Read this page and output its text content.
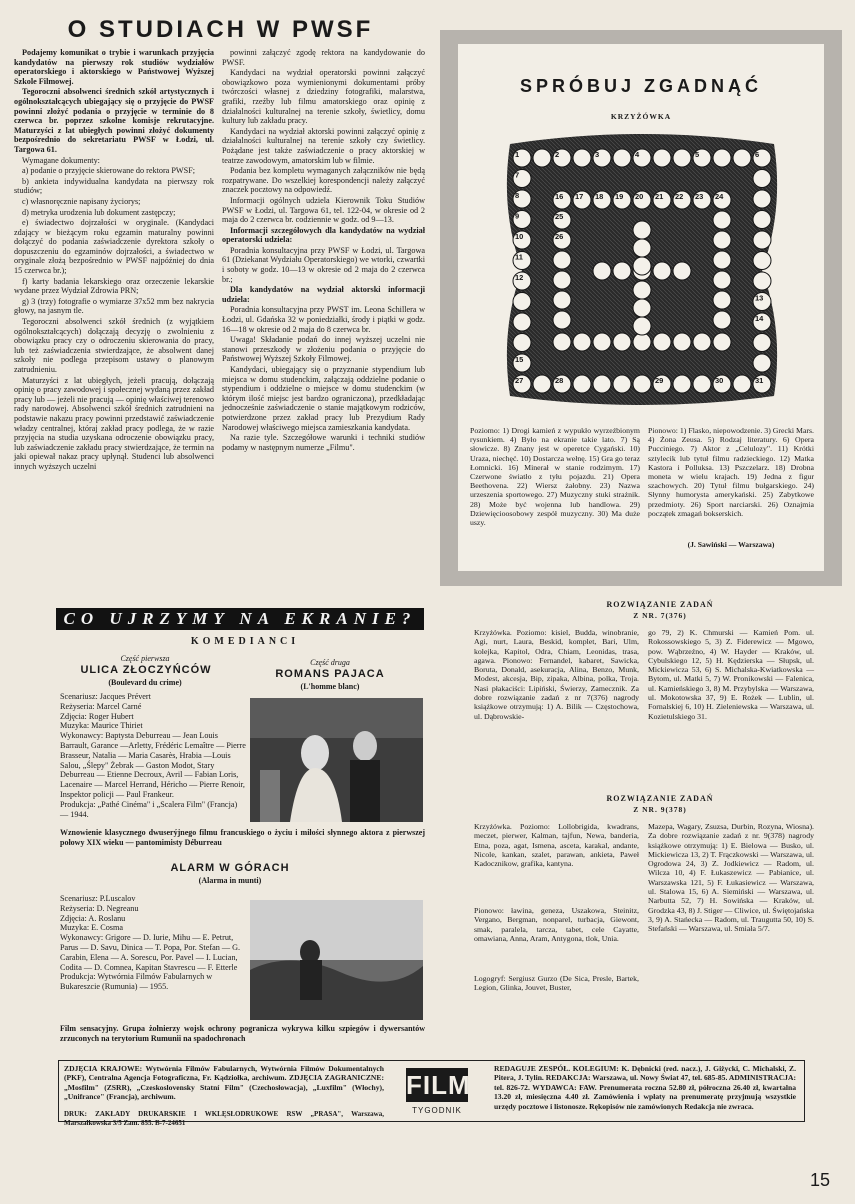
O STUDIACH W PWSF

Podajemy komunikat o trybie i warunkach przyjęcia kandydatów na pierwszy rok studiów wydziałów operatorskiego i aktorskiego w Państwowej Wyższej Szkole Filmowej.

Tegoroczni absolwenci średnich szkół artystycznych i ogólnokształcących ubiegający się o przyjęcie do PWSF powinni złożyć podania o przyjęcie w terminie do 8 czerwca br. poprzez szkolne komisje rekrutacyjne. Maturzyści z lat ubiegłych powinni złożyć dokumenty bezpośrednio do sekretariatu PWSF w Łodzi, ul. Targowa 61.

Wymagane dokumenty:

a) podanie o przyjęcie skierowane do rektora PWSF;

b) ankieta indywidualna kandydata na pierwszy rok studiów;

c) własnoręcznie napisany życiorys;

d) metryka urodzenia lub dokument zastępczy;

e) świadectwo dojrzałości w oryginale. (Kandydaci zdający w bieżącym roku egzamin maturalny powinni dołączyć do podania zaświadczenie dyrektora szkoły o dopuszczeniu do egzaminów dojrzałości, a świadectwo w oryginale złożą bezpośrednio w PWSF najpóźniej do dnia 15 czerwca br.);

f) karty badania lekarskiego oraz orzeczenie lekarskie wydane przez Wydział Zdrowia PRN;

g) 3 (trzy) fotografie o wymiarze 37x52 mm bez nakrycia głowy, na jasnym tle.

Tegoroczni absolwenci szkół średnich (z wyjątkiem ogólnokształcących) dołączają decyzję o zwolnieniu z obowiązku pracy czy o odroczeniu skierowania do pracy, lub też zaświadczenia stwierdzające, że absolwent danej szkoły nie podlega przepisom ustawy o planowym zatrudnieniu.

Maturzyści z lat ubiegłych, jeżeli pracują, dołączają opinię o pracy zawodowej i społecznej wydaną przez zakład pracy lub — jeżeli nie pracują — opinię właściwej terenowo rady narodowej. Absolwenci szkół średnich zatrudnieni na podstawie nakazu pracy powinni przedstawić zaświadczenie władzy centralnej, któraj zakład pracy podlega, że w razie przyjęcia na studia uzyskana odroczenie obowiązku pracy, lub zaświadczenie zakładu pracy stwierdzające, że termin na jaki opiewał nakaz pracy upłynął. Studenci lub absolwenci innych wyższych uczelni

powinni załączyć zgodę rektora na kandydowanie do PWSF.

Kandydaci na wydział operatorski powinni załączyć obowiązkowo poza wymienionymi dokumentami próby twórczości własnej z dziedziny fotografiki, malarstwa, grafiki, rzeźby lub filmu amatorskiego oraz opinię z działalności kulturalnej na terenie szkoły, świetlicy, domu kultury lub zakładu pracy.

Kandydaci na wydział aktorski powinni załączyć opinię z działalności kulturalnej na terenie szkoły czy świetlicy. Pożądane jest także zaświadczenie o pracy aktorskiej w teatrze zawodowym, amatorskim lub w filmie.

Podania bez kompletu wymaganych załączników nie będą rozpatrywane. Do wszelkiej korespondencji należy załączyć znaczek pocztowy na odpowiedź.

Informacji ogólnych udziela Kierownik Toku Studiów PWSF w Łodzi, ul. Targowa 61, tel. 122-04, w okresie od 2 maja do 2 czerwca br. codziennie w godz. od 9—13.

Informacji szczegółowych dla kandydatów na wydział operatorski udziela:

Poradnia konsultacyjna przy PWSF w Łodzi, ul. Targowa 61 (Dziekanat Wydziału Operatorskiego) we wtorki, czwartki i soboty w godz. 10—13 w okresie od 2 maja do 2 czerwca br.;

Dla kandydatów na wydział aktorski informacji udziela:

Poradnia konsultacyjna przy PWST im. Leona Schillera w Łodzi, ul. Gdańska 32 w poniedziałki, środy i piątki w godz. 16—18 w okresie od 2 maja do 8 czerwca br.

Uwaga! Składanie podań do innej wyższej uczelni nie stanowi przeszkody w złożeniu podania o przyjęcie do Państwowej Wyższej Szkoły Filmowej.

Kandydaci, ubiegający się o przyznanie stypendium lub miejsca w domu studenckim, załączają oddzielne podanie o stypendium i oddzielne o miejsce w domu studenckim (w którym ilość miejsc jest bardzo ograniczona), przedkładając jednocześnie zaświadczenie o stanie majątkowym rodziców, potwierdzone przez zakład pracy lub Prezydium Rady Narodowej właściwego miejsca zamieszkania kandydata.

Na razie tyle. Szczegółowe warunki i techniki studiów podamy w następnym numerze „Filmu".

CO UJRZYMY NA EKRANIE?
KOMEDIANCI
Część pierwsza
ULICA ZŁOCZYŃCÓW
(Boulevard du crime)
Część druga
ROMANS PAJACA
(L'homme blanc)
Scenariusz: Jacques Prévert
Reżyseria: Marcel Carné
Zdjęcia: Roger Hubert
Muzyka: Maurice Thiriet
Wykonawcy: Baptysta Deburreau — Jean Louis Barrault, Garance —Arletty, Frédéric Lemaître — Pierre Brasseur, Natalia — Maria Casarès, Hrabia —Louis Salou, „Ślepy" Żebrak — Gaston Modot, Stary Deburreau — Etienne Decroux, Avril — Fabian Loris, Lacenaire — Marcel Herrand, Héricho — Pierre Renoir, Inspektor policji — Paul Frankeur.
Produkcja: „Pathé Cinéma" i „Scalera Film" (Francja) — 1944.
Wznowienie klasycznego dwuserýjnego filmu francuskiego o życiu i miłości słynnego aktora z pierwszej połowy XIX wieku — pantomimisty Déburreau
ALARM W GÓRACH
(Alarma in munti)
Scenariusz: P.Luscalov
Reżyseria: D. Negreanu
Zdjęcia: A. Roslanu
Muzyka: E. Cosma
Wykonawcy: Grigore — D. Iurie, Mihu — E. Petrut, Parus — D. Savu, Dinica — T. Popa, Por. Stefan — G. Carabin, Elena — A. Sorescu, Por. Pavel — I. Lucian, Codita — D. Comnea, Kapitan Stavrescu — F. Etterle
Produkcja: Wytwórnia Filmów Fabularnych w Bukareszcie (Rumunia) — 1955.
Film sensacyjny. Grupa żołnierzy wojsk ochrony pogranicza wykrywa kilku szpiegów i dywersantów zrzuconych na terytorium Rumunii na spadochronach
SPRÓBUJ ZGADNĄĆ
KRZYŻÓWKA
1	2	3	4	5	6
7
8
9
10
11
12
13
14
15
16 17 18 19 20 21 22 23 24
25
26
27	28	29	30	31
Poziomo: 1) Drogi kamień z wypukło wyrzeźbionym rysunkiem. 4) Było na ekranie takie lato. 7) Są słowicze. 8) Znany jest w operetce Cygański. 10) Uraza, niechęć. 10) Dostarcza wełnę. 15) Gra go teraz Łomnicki. 16) Minerał w stanie rodzimym. 17) Czerwone światło z tyłu pojazdu. 21) Opera Beethovena. 22) Wiersz żałobny. 23) Nazwa urzeszenia sportowego. 27) Muzyczny stuki strażnik. 28) Może być wojenna lub handlowa. 29) Dziewięcioosobowy zespół muzyczny. 30) Ma duże uszy.
Pionowo: 1) Flasko, niepowodzenie. 3) Grecki Mars. 4) Żona Zeusa. 5) Rodzaj literatury. 6) Opera Pucciniego. 7) Aktor z „Celulozy". 11) Krótki sztylecik lub tytuł filmu radzieckiego. 12) Matka Kastora i Polluksa. 13) Pszczelarz. 18) Drobna moneta w wielu krajach. 19) Jedna z figur szachowych. 20) Tytuł filmu bułgarskiego. 24) Słynny humorysta amerykański. 25) Zabytkowe przedmioty. 26) Sport narciarski. 26) Oznajmia początek zmagań bokserskich.
(J. Sawiński — Warszawa)
ROZWIĄZANIE ZADAŃ
Z NR. 7(376)
Krzyżówka. Poziomo: kisiel, Budda, winobranie, Agi, nurt, Laura, Beskid, komplet, Bari, Ulm, kolejka, Kapitol, Odra, Chiam, Leonidas, trasa, agawa. Pionowo: Fernandel, kabaret, Sawicka, Boruta, Donald, asekuracja, Alina, Benzo, Munk, Modest, akcesja, Bip, zipaka, Albina, polka, Troja. Nasi płakaciści: Lipiński, Świerzy, Zamecznik. Za dobre rozwiązanie zadań z nr 7(376) nagrody książkowe otrzymują: 1) A. Bilik — Częstochowa, ul. Dąbrowskie-
go 79, 2) K. Chmurski — Kamień Pom. ul. Rokossowskiego 5, 3) Z. Fiderewicz — Mgowo, pow. Wąbrzeźno, 4) W. Hayder — Kraków, ul. Cybulskiego 12, 5) H. Kędzierska — Słupsk, ul. Mickiewicza 53, 6) S. Michalska-Kwiatkowska — Bytom, ul. Matki 5, 7) W. Pronikowski — Falenica, ul. Kamieńskiego 3, 8) M. Przybylska — Warszawa, ul. Mokotowska 37, 9) E. Rożek — Lublin, ul. Fornalskiej 6, 10) H. Zieleniewska — Warszawa, ul. Kozietulskiego 31.
ROZWIĄZANIE ZADAŃ
Z NR. 9(378)
Krzyżówka. Poziomo: Lollobrigida, kwadrans, meczet, pierwer, Kalman, tajfun, Newa, banderia, Etna, poza, agat, Ismena, asceta, karakal, andante, Nicole, kankan, szalet, parawan, ankieta, Paweł Kadocznikow, grafika, kantyna.
Pionowo: ławina, geneza, Uszakowa, Steinitz, Vergano, Bergman, nonparel, turbacja, Giewont, smak, paralela, tarcza, tabet, cele Cayatte, omawiana, Anna, Aram, Antygona, tlok, Unia.
Logogryf: Sergiusz Gurzo (De Sica, Presle, Bartek, Legion, Glinka, Jouvet, Buster,
Mazepa, Wagary, Zsuzsa, Durbin, Rozyna, Wiosna). Za dobre rozwiązanie zadań z nr. 9(378) nagrody książkowe otrzymują: 1) E. Bielowa — Busko, ul. Mickiewicza 13, 2) T. Frączkowski — Warszawa, ul. Ogrodowa 24, 3) Z. Jodkiewicz — Radom, ul. Wilcza 10, 4) F. Łukaszewicz — Pabianice, ul. Warszawska 121, 5) F. Łukasiewicz — Warszawa, ul. Stalowa 15, 6) A. Siemiński — Warszawa, ul. Narbutta 52, 7) H. Sowińska — Kraków, ul. Grodzka 43, 8) J. Stiger — Cliwice, ul. Świętojańska 3, 9) A. Stańecka — Radom, ul. Traugutta 50, 10) S. Stefański — Warszawa, ul. Smiała 5/7.
ZDJĘCIA KRAJOWE: Wytwórnia Filmów Fabularnych, Wytwórnia Filmów Dokumentalnych (PKF), Centralna Agencja Fotograficzna, Fr. Kądziołka, archiwum. ZDJĘCIA ZAGRANICZNE: „Mosfilm" (ZSRR), „Czeskoslovensky Statní Film" (Czechosłowacja), „Luxfilm" (Włochy), „Unifrance" (Francja), archiwum.
DRUK: ZAKŁADY DRUKARSKIE I WKLĘSŁODRUKOWE RSW „PRASA", Warszawa, Marszałkowska 3/5 Zam. 855. B-7-24651
FILM
TYGODNIK
REDAGUJE ZESPÓŁ. KOLEGIUM: K. Dębnicki (red. nacz.), J. Giżycki, C. Michalski, Z. Pitera, J. Tylin. REDAKCJA: Warszawa, ul. Nowy Świat 47, tel. 685-85. ADMINISTRACJA: tel. 826-72. WYDAWCA: FAW. Prenumerata roczna 52.80 zł, półroczna 26.40 zł, kwartalna 13.20 zł, miesięczna 4.40 zł. Zamówienia i wpłaty na prenumeratę przyjmują wszystkie urzędy pocztowe i listonosze. Rękopisów nie zamówionych Redakcja nie zwraca.
15
